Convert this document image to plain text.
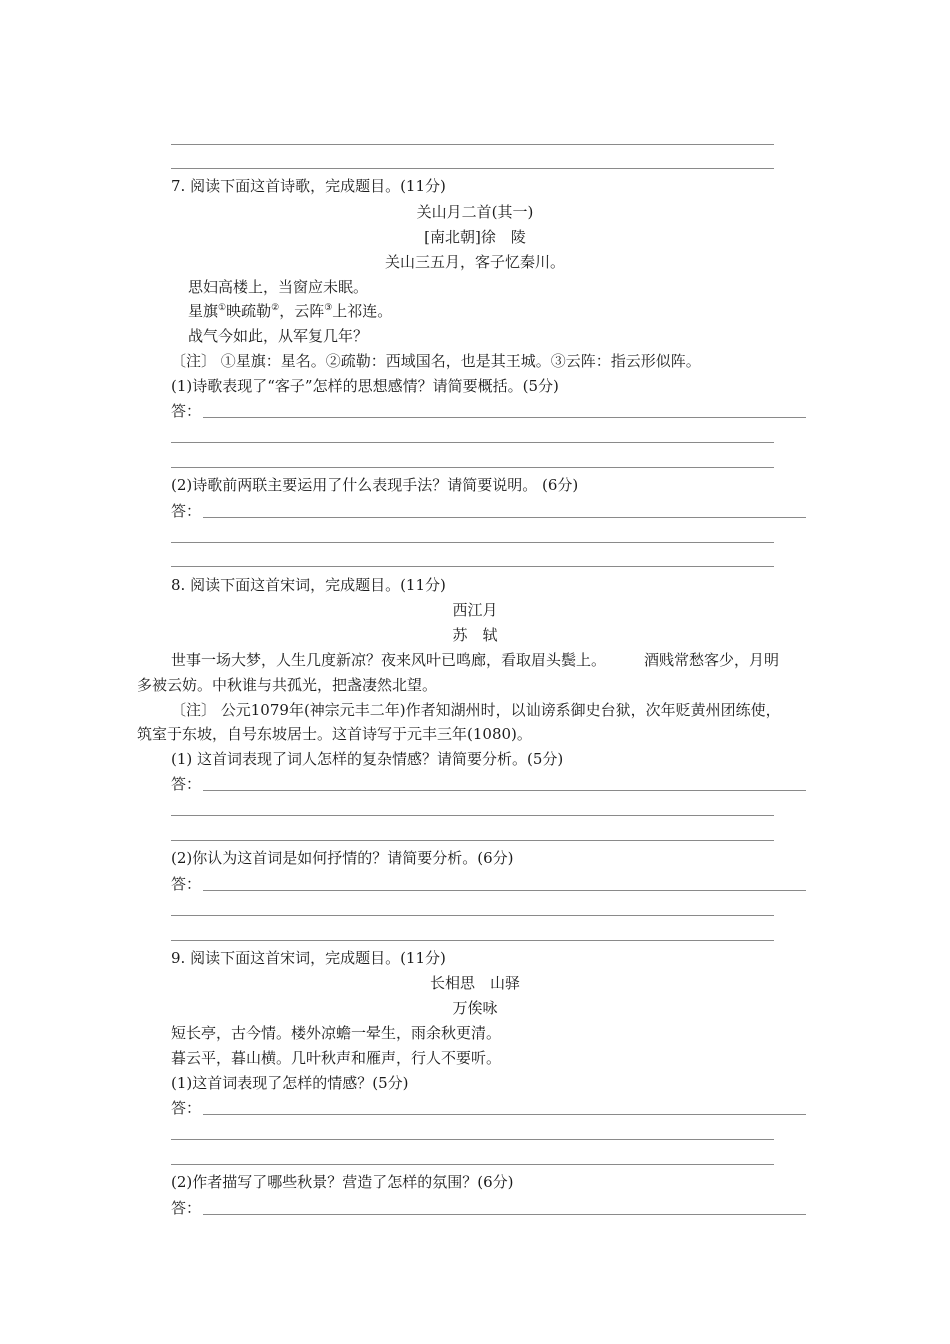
7. 阅读下面这首诗歌，完成题目。(11分)
关山月二首(其一)
[南北朝]徐　陵
关山三五月，客子忆秦川。
思妇高楼上，当窗应未眠。
星旗①映疏勒②，云阵③上祁连。
战气今如此，从军复几年？
〔注〕 ①星旗：星名。②疏勒：西域国名，也是其王城。③云阵：指云形似阵。
(1)诗歌表现了“客子”怎样的思想感情？请简要概括。(5分)
答：
(2)诗歌前两联主要运用了什么表现手法？请简要说明。 (6分)
答：
8. 阅读下面这首宋词，完成题目。(11分)
西江月
苏　轼
世事一场大梦，人生几度新凉？夜来风叶已鸣廊，看取眉头鬓上。	酒贱常愁客少，月明
多被云妨。中秋谁与共孤光，把盏凄然北望。
〔注〕 公元1079年(神宗元丰二年)作者知湖州时，以讪谤系御史台狱，次年贬黄州团练使，
筑室于东坡，自号东坡居士。这首诗写于元丰三年(1080)。
(1) 这首词表现了词人怎样的复杂情感？请简要分析。(5分)
答：
(2)你认为这首词是如何抒情的？请简要分析。(6分)
答：
9. 阅读下面这首宋词，完成题目。(11分)
长相思　山驿
万俟咏
短长亭，古今情。楼外凉蟾一晕生，雨余秋更清。
暮云平，暮山横。几叶秋声和雁声，行人不要听。
(1)这首词表现了怎样的情感？(5分)
答：
(2)作者描写了哪些秋景？营造了怎样的氛围？(6分)
答：
